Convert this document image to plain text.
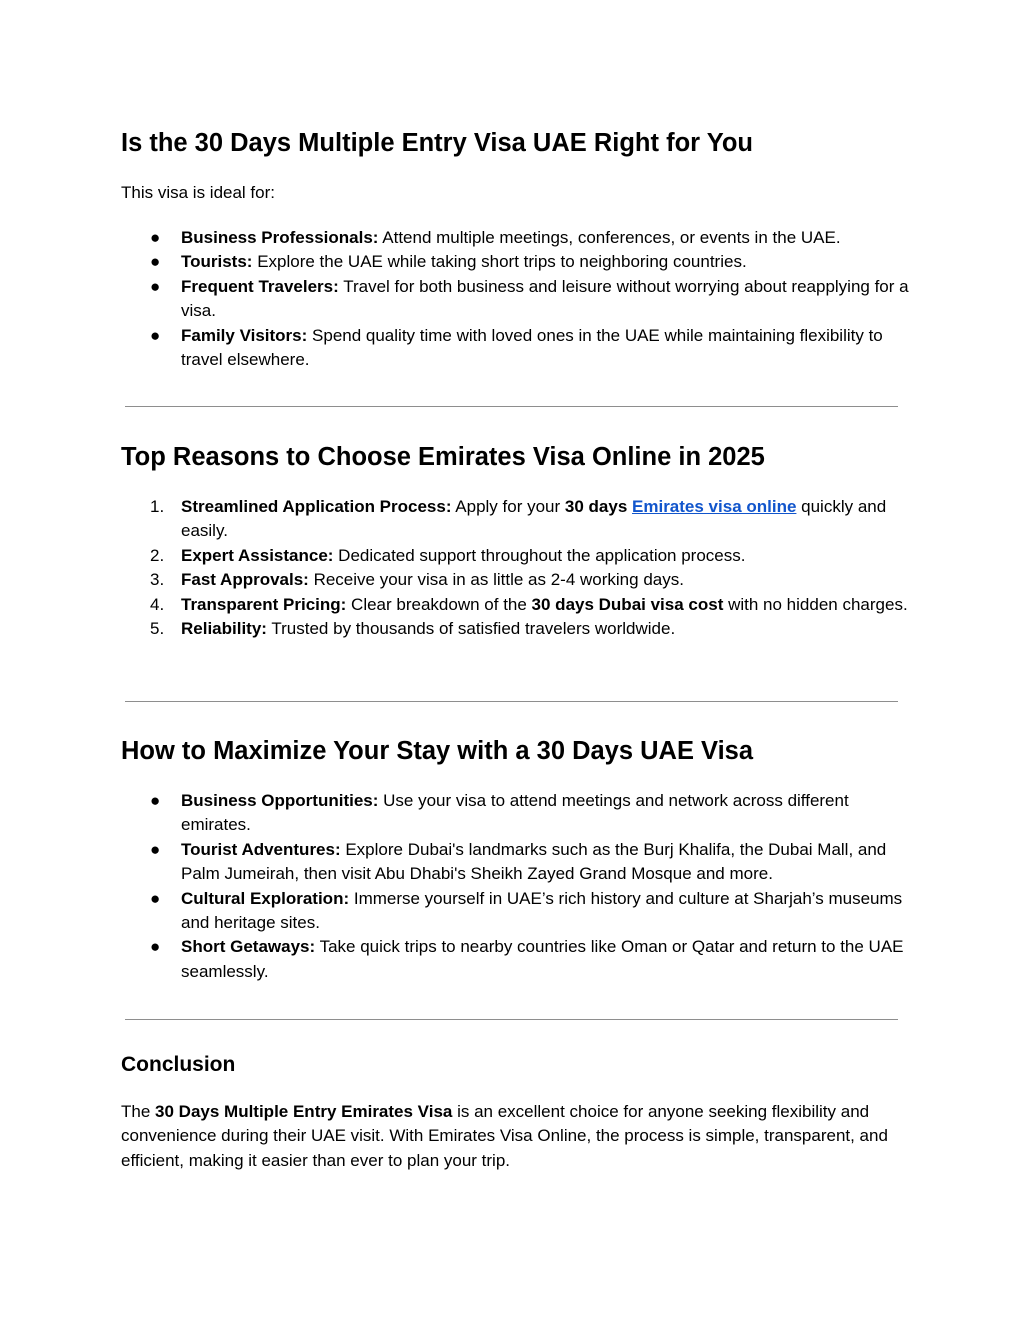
Is the 30 Days Multiple Entry Visa UAE Right for You

This visa is ideal for:

●	Business Professionals: Attend multiple meetings, conferences, or events in the UAE.
●	Tourists: Explore the UAE while taking short trips to neighboring countries.
●	Frequent Travelers: Travel for both business and leisure without worrying about reapplying for a visa.
●	Family Visitors: Spend quality time with loved ones in the UAE while maintaining flexibility to travel elsewhere.
Top Reasons to Choose Emirates Visa Online in 2025
1. Streamlined Application Process: Apply for your 30 days Emirates visa online quickly and easily.
2. Expert Assistance: Dedicated support throughout the application process.
3. Fast Approvals: Receive your visa in as little as 2-4 working days.
4. Transparent Pricing: Clear breakdown of the 30 days Dubai visa cost with no hidden charges.
5. Reliability: Trusted by thousands of satisfied travelers worldwide.
How to Maximize Your Stay with a 30 Days UAE Visa
●	Business Opportunities: Use your visa to attend meetings and network across different emirates.
●	Tourist Adventures: Explore Dubai's landmarks such as the Burj Khalifa, the Dubai Mall, and Palm Jumeirah, then visit Abu Dhabi's Sheikh Zayed Grand Mosque and more.
●	Cultural Exploration: Immerse yourself in UAE’s rich history and culture at Sharjah’s museums and heritage sites.
●	Short Getaways: Take quick trips to nearby countries like Oman or Qatar and return to the UAE seamlessly.
Conclusion

The 30 Days Multiple Entry Emirates Visa is an excellent choice for anyone seeking flexibility and convenience during their UAE visit. With Emirates Visa Online, the process is simple, transparent, and efficient, making it easier than ever to plan your trip.
